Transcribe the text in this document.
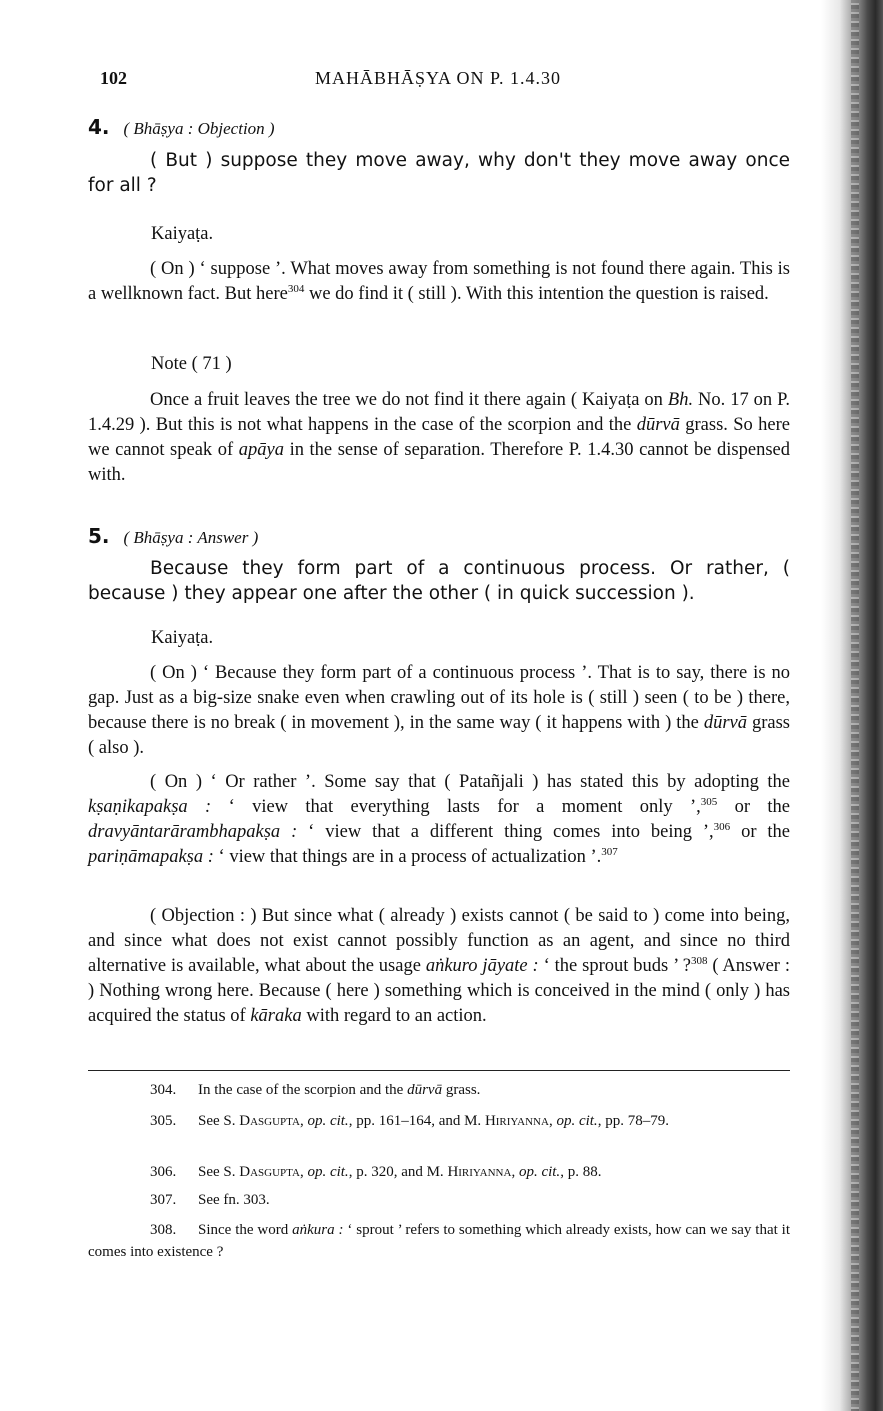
102	MAHĀBHĀṢYA ON P. 1.4.30
4. ( Bhāṣya : Objection )

( But ) suppose they move away, why don't they move away once for all ?

Kaiyaṭa.

( On ) ‘ suppose ’. What moves away from something is not found there again. This is a wellknown fact. But here$^{304}$ we do find it ( still ). With this intention the question is raised.

Note ( 71 )

Once a fruit leaves the tree we do not find it there again ( Kaiyaṭa on Bh. No. 17 on P. 1.4.29 ). But this is not what happens in the case of the scorpion and the dūrvā grass. So here we cannot speak of apāya in the sense of separation. Therefore P. 1.4.30 cannot be dispensed with.

5. ( Bhāṣya : Answer )

Because they form part of a continuous process. Or rather, ( because ) they appear one after the other ( in quick succession ).

Kaiyaṭa.

( On ) ‘ Because they form part of a continuous process ’. That is to say, there is no gap. Just as a big-size snake even when crawling out of its hole is ( still ) seen ( to be ) there, because there is no break ( in movement ), in the same way ( it happens with ) the dūrvā grass ( also ).

( On ) ‘ Or rather ’. Some say that ( Patañjali ) has stated this by adopting the kṣaṇikapakṣa : ‘ view that everything lasts for a moment only ’,$^{305}$ or the dravyāntarārambhapakṣa : ‘ view that a different thing comes into being ’,$^{306}$ or the pariṇāmapakṣa : ‘ view that things are in a process of actualization ’.$^{307}$

( Objection : ) But since what ( already ) exists cannot ( be said to ) come into being, and since what does not exist cannot possibly function as an agent, and since no third alternative is available, what about the usage aṅkuro jāyate : ‘ the sprout buds ’ ?$^{308}$ ( Answer : ) Nothing wrong here. Because ( here ) something which is conceived in the mind ( only ) has acquired the status of kāraka with regard to an action.

304. In the case of the scorpion and the dūrvā grass.

305. See S. Dasgupta, op. cit., pp. 161–164, and M. Hiriyanna, op. cit., pp. 78–79.

306. See S. Dasgupta, op. cit., p. 320, and M. Hiriyanna, op. cit., p. 88.

307. See fn. 303.

308. Since the word aṅkura : ‘ sprout ’ refers to something which already exists, how can we say that it comes into existence ?
